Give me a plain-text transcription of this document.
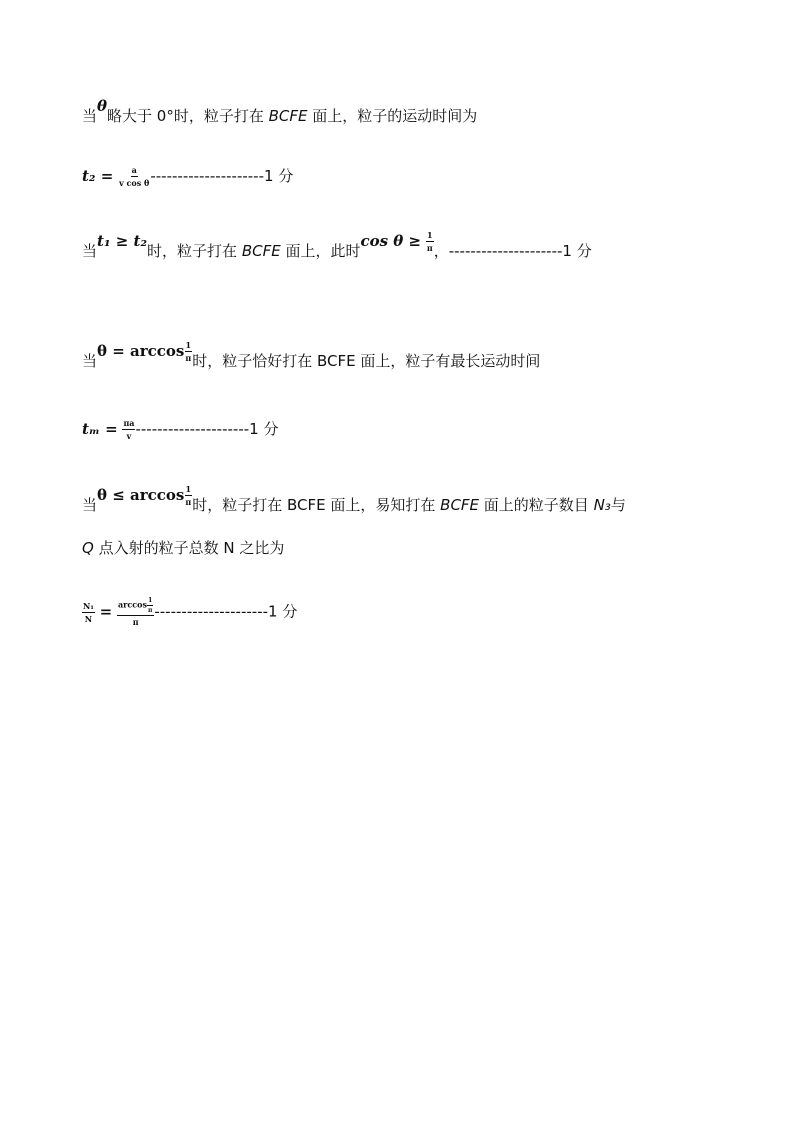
当θ略大于 0°时，粒子打在 BCFE 面上，粒子的运动时间为
$t_2 = \frac{a}{\text{v cos θ}} ---------------------1$ 分
当t₁ ≥ t₂时，粒子打在 BCFE 面上，此时$\cos \theta \ge \frac{1}{\pi}$ ，---------------------1 分
当$\theta = \arccos \frac{1}{\pi}$ 时，粒子恰好打在 BCFE 面上，粒子有最长运动时间
$t_m = \frac{\pi a}{v} ---------------------1$ 分
当$\theta \le \arccos \frac{1}{\pi}$ 时，粒子打在 BCFE 面上，易知打在 BCFE 面上的粒子数目 N₃与
Q 点入射的粒子总数 N 之比为
$\frac{\text{N₁}}{N} = \frac{\arccos \frac{1}{\pi}}{\pi} ---------------------1$ 分
